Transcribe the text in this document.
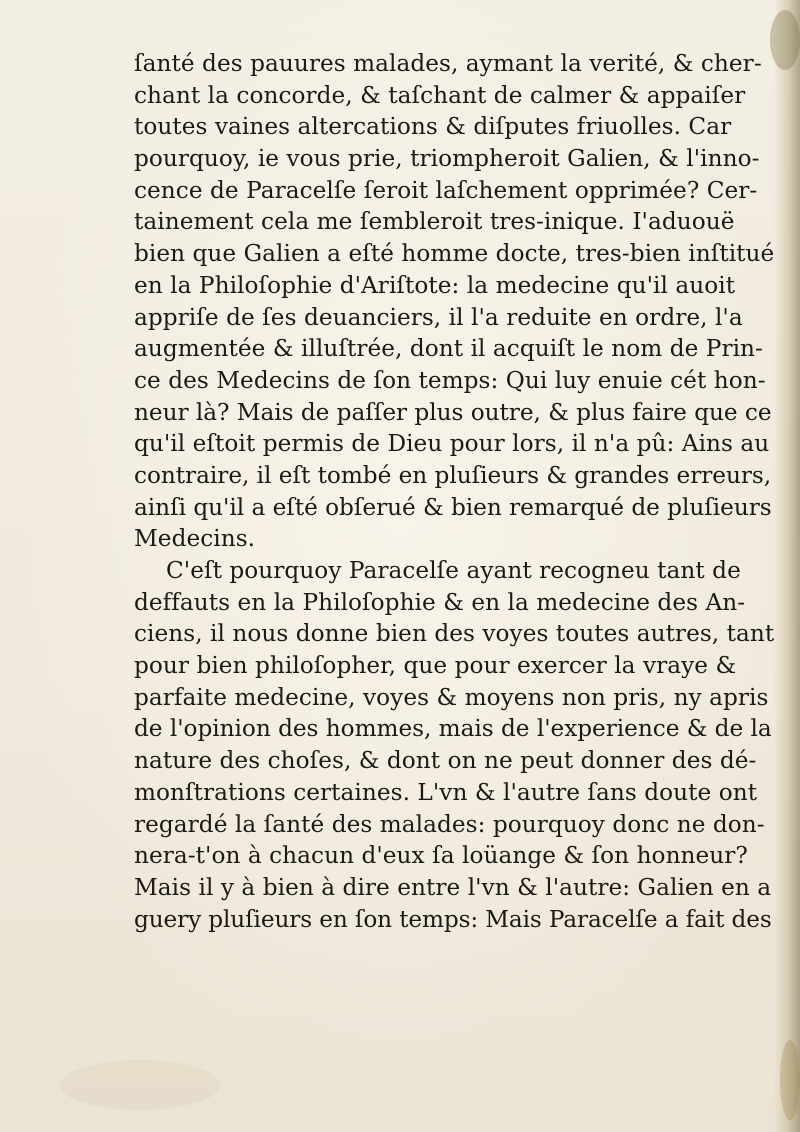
ſanté des pauures malades, aymant la verité, & cher-
chant la concorde, & taſchant de calmer & appaiſer
toutes vaines altercations & diſputes friuolles. Car
pourquoy, ie vous prie, triompheroit Galien, & l'inno-
cence de Paracelſe ſeroit laſchement opprimée? Cer-
tainement cela me ſembleroit tres-inique. I'aduouë
bien que Galien a eſté homme docte, tres-bien inſtitué
en la Philoſophie d'Ariſtote: la medecine qu'il auoit
appriſe de ſes deuanciers, il l'a reduite en ordre, l'a
augmentée & illuſtrée, dont il acquiſt le nom de Prin-
ce des Medecins de ſon temps: Qui luy enuie cét hon-
neur là? Mais de paſſer plus outre, & plus faire que ce
qu'il eſtoit permis de Dieu pour lors, il n'a pû: Ains au
contraire, il eſt tombé en pluſieurs & grandes erreurs,
ainſi qu'il a eſté obſerué & bien remarqué de pluſieurs
Medecins.
C'eſt pourquoy Paracelſe ayant recogneu tant de
deffauts en la Philoſophie & en la medecine des An-
ciens, il nous donne bien des voyes toutes autres, tant
pour bien philoſopher, que pour exercer la vraye &
parfaite medecine, voyes & moyens non pris, ny apris
de l'opinion des hommes, mais de l'experience & de la
nature des choſes, & dont on ne peut donner des dé-
monſtrations certaines. L'vn & l'autre ſans doute ont
regardé la ſanté des malades: pourquoy donc ne don-
nera-t'on à chacun d'eux ſa loüange & ſon honneur?
Mais il y à bien à dire entre l'vn & l'autre: Galien en a
guery pluſieurs en ſon temps: Mais Paracelſe a fait des
